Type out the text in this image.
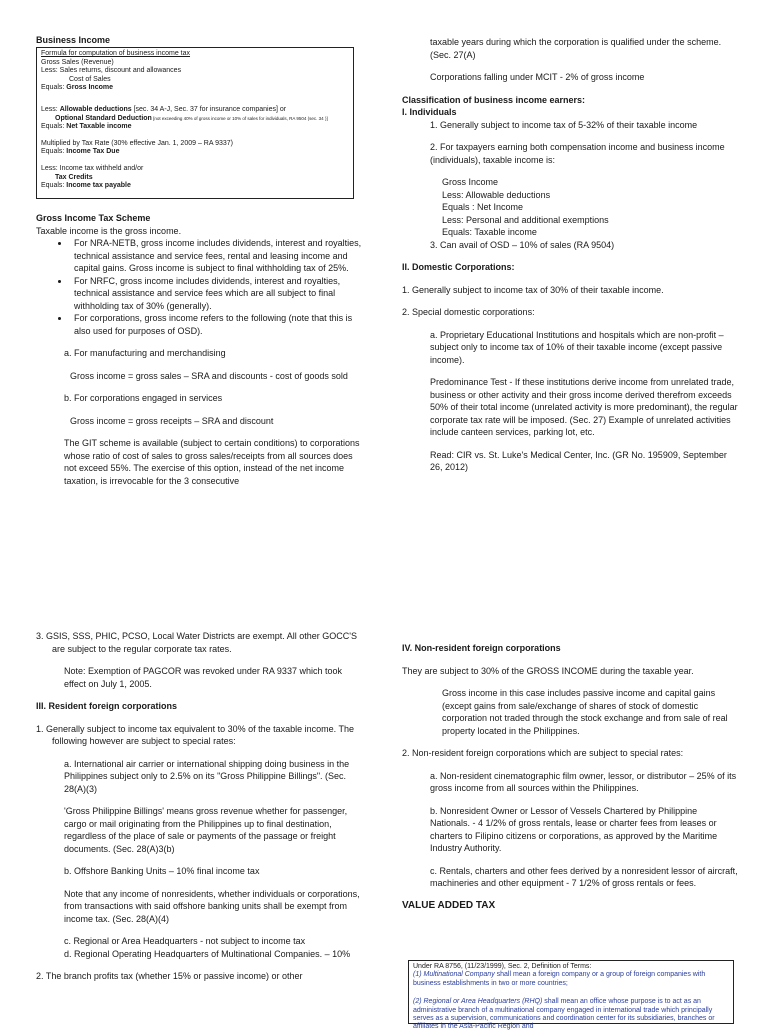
Business Income

Formula for computation of business income tax
Gross Sales (Revenue)
Less: Sales returns, discount and allowances
Cost of Sales
Equals: Gross Income
Less: Allowable deductions [sec. 34 A-J, Sec. 37 for insurance companies] or
Optional Standard Deduction [not exceeding 40% of gross income or 10% of sales for individuals, RA 9504 (sec. 34 )]
Equals: Net Taxable income
Multiplied by Tax Rate (30% effective Jan. 1, 2009 – RA 9337)
Equals: Income Tax Due
Less: Income tax withheld and/or
Tax Credits
Equals: Income tax payable

Gross Income Tax Scheme

Taxable income is the gross income.

• For NRA-NETB, gross income includes dividends, interest and royalties, technical assistance and service fees, rental and leasing income and capital gains. Gross income is subject to final withholding tax of 25%.
• For NRFC, gross income includes dividends, interest and royalties, technical assistance and service fees which are all subject to final withholding tax of 30% (generally).
• For corporations, gross income refers to the following (note that this is also used for purposes of OSD).

a. For manufacturing and merchandising

Gross income = gross sales – SRA and discounts - cost of goods sold

b. For corporations engaged in services

Gross income = gross receipts – SRA and discount

The GIT scheme is available (subject to certain conditions) to corporations whose ratio of cost of sales to gross sales/receipts from all sources does not exceed 55%. The exercise of this option, instead of the net income taxation, is irrevocable for the 3 consecutive

taxable years during which the corporation is qualified under the scheme. (Sec. 27(A)

Corporations falling under MCIT - 2% of gross income

Classification of business income earners:

I. Individuals

1. Generally subject to income tax of 5-32% of their taxable income

2. For taxpayers earning both compensation income and business income (individuals), taxable income is:

Gross Income

Less: Allowable deductions

Equals : Net Income

Less: Personal and additional exemptions

Equals: Taxable income

3. Can avail of OSD – 10% of sales (RA 9504)

II. Domestic Corporations:

1. Generally subject to income tax of 30% of their taxable income.

2. Special domestic corporations:

a. Proprietary Educational Institutions and hospitals which are non-profit – subject only to income tax of 10% of their taxable income (except passive income).

Predominance Test - If these institutions derive income from unrelated trade, business or other activity and their gross income derived therefrom exceeds 50% of their total income (unrelated activity is more predominant), the regular corporate tax rate will be imposed. (Sec. 27) Example of unrelated activities include canteen services, parking lot, etc.

Read: CIR vs. St. Luke's Medical Center, Inc. (GR No. 195909, September 26, 2012)

3. GSIS, SSS, PHIC, PCSO, Local Water Districts are exempt. All other GOCC'S are subject to the regular corporate tax rates.

Note: Exemption of PAGCOR was revoked under RA 9337 which took effect on July 1, 2005.

III. Resident foreign corporations

1. Generally subject to income tax equivalent to 30% of the taxable income. The following however are subject to special rates:

a. International air carrier or international shipping doing business in the Philippines subject only to 2.5% on its "Gross Philippine Billings". (Sec. 28(A)(3)

'Gross Philippine Billings' means gross revenue whether for passenger, cargo or mail originating from the Philippines up to final destination, regardless of the place of sale or payments of the passage or freight documents. (Sec. 28(A)3(b)

b. Offshore Banking Units – 10% final income tax

Note that any income of nonresidents, whether individuals or corporations, from transactions with said offshore banking units shall be exempt from income tax. (Sec. 28(A)(4)

c. Regional or Area Headquarters - not subject to income tax

d. Regional Operating Headquarters of Multinational Companies. – 10%

2. The branch profits tax (whether 15% or passive income) or other

IV. Non-resident foreign corporations

They are subject to 30% of the GROSS INCOME during the taxable year.

Gross income in this case includes passive income and capital gains (except gains from sale/exchange of shares of stock of domestic corporation not traded through the stock exchange and from sale of real property located in the Philippines.

2. Non-resident foreign corporations which are subject to special rates:

a. Non-resident cinematographic film owner, lessor, or distributor – 25% of its gross income from all sources within the Philippines.

b. Nonresident Owner or Lessor of Vessels Chartered by Philippine Nationals. - 4 1/2% of gross rentals, lease or charter fees from leases or charters to Filipino citizens or corporations, as approved by the Maritime Industry Authority.

c. Rentals, charters and other fees derived by a nonresident lessor of aircraft, machineries and other equipment - 7 1/2% of gross rentals or fees.

VALUE ADDED TAX

Under RA 8756, (11/23/1999), Sec. 2, Definition of Terms:
(1) Multinational Company shall mean a foreign company or a group of foreign companies with business establishments in two or more countries;
(2) Regional or Area Headquarters (RHQ) shall mean an office whose purpose is to act as an administrative branch of a multinational company engaged in international trade which principally serves as a supervision, communications and coordination center for its subsidiaries, branches or affiliates in the Asia-Pacific Region and
